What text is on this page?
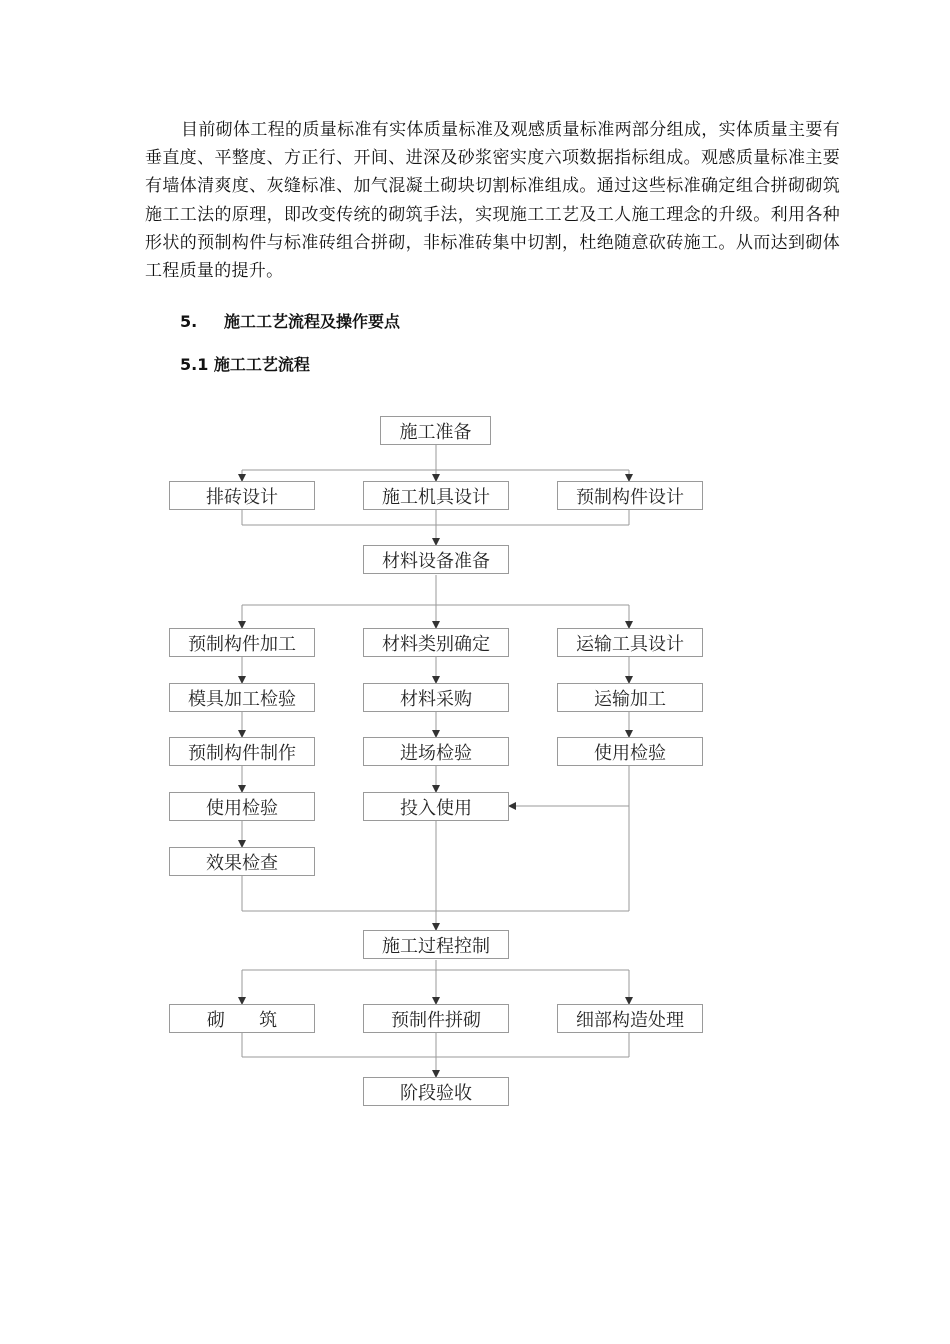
目前砌体工程的质量标准有实体质量标准及观感质量标准两部分组成，实体质量主要有垂直度、平整度、方正行、开间、进深及砂浆密实度六项数据指标组成。观感质量标准主要有墙体清爽度、灰缝标准、加气混凝土砌块切割标准组成。通过这些标准确定组合拼砌砌筑施工工法的原理，即改变传统的砌筑手法，实现施工工艺及工人施工理念的升级。利用各种形状的预制构件与标准砖组合拼砌，非标准砖集中切割，杜绝随意砍砖施工。从而达到砌体工程质量的提升。

5. 施工工艺流程及操作要点
5.1 施工工艺流程
施工准备
排砖设计	施工机具设计	预制构件设计
材料设备准备
预制构件加工
模具加工检验
预制构件制作
使用检验
效果检查
材料类别确定
材料采购
进场检验
投入使用
运输工具设计
运输加工
使用检验
施工过程控制
砌      筑	预制件拼砌	细部构造处理
阶段验收
